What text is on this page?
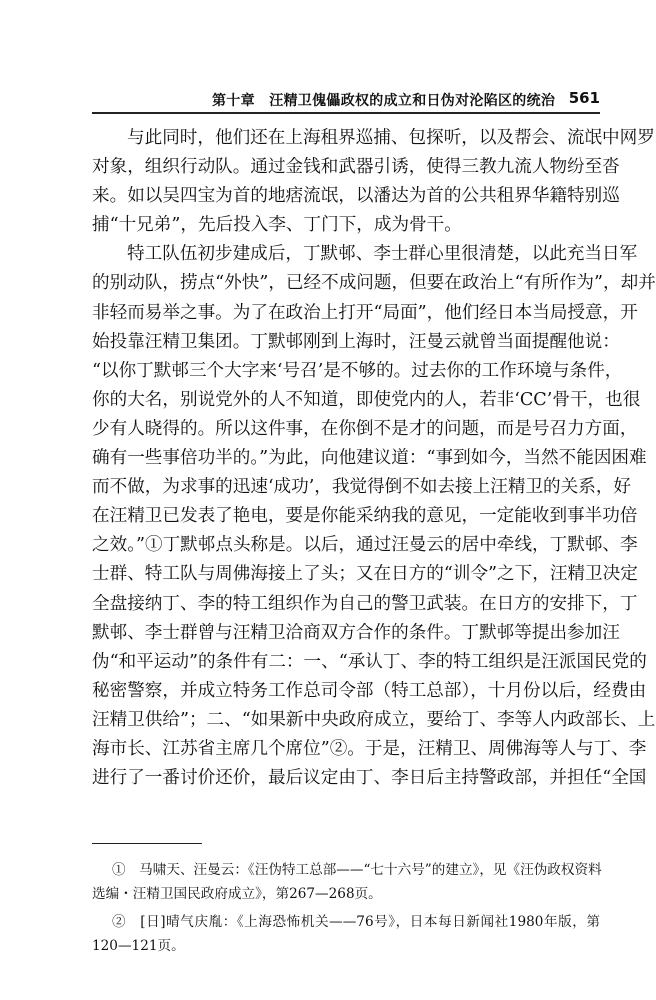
第十章　汪精卫傀儡政权的成立和日伪对沦陷区的统治 561
与此同时，他们还在上海租界巡捕、包探听，以及帮会、流氓中网罗
对象，组织行动队。通过金钱和武器引诱，使得三教九流人物纷至沓
来。如以吴四宝为首的地痞流氓，以潘达为首的公共租界华籍特别巡
捕“十兄弟”，先后投入李、丁门下，成为骨干。
特工队伍初步建成后，丁默邨、李士群心里很清楚，以此充当日军
的别动队，捞点“外快”，已经不成问题，但要在政治上“有所作为”，却并
非轻而易举之事。为了在政治上打开“局面”，他们经日本当局授意，开
始投靠汪精卫集团。丁默邨刚到上海时，汪曼云就曾当面提醒他说：
“以你丁默邨三个大字来‘号召’是不够的。过去你的工作环境与条件，
你的大名，别说党外的人不知道，即使党内的人，若非‘CC’骨干，也很
少有人晓得的。所以这件事，在你倒不是才的问题，而是号召力方面，
确有一些事倍功半的。”为此，向他建议道：“事到如今，当然不能因困难
而不做，为求事的迅速‘成功’，我觉得倒不如去接上汪精卫的关系，好
在汪精卫已发表了艳电，要是你能采纳我的意见，一定能收到事半功倍
之效。”①丁默邨点头称是。以后，通过汪曼云的居中牵线，丁默邨、李
士群、特工队与周佛海接上了头；又在日方的“训令”之下，汪精卫决定
全盘接纳丁、李的特工组织作为自己的警卫武装。在日方的安排下，丁
默邨、李士群曾与汪精卫洽商双方合作的条件。丁默邨等提出参加汪
伪“和平运动”的条件有二：一、“承认丁、李的特工组织是汪派国民党的
秘密警察，并成立特务工作总司令部（特工总部），十月份以后，经费由
汪精卫供给”；二、“如果新中央政府成立，要给丁、李等人内政部长、上
海市长、江苏省主席几个席位”②。于是，汪精卫、周佛海等人与丁、李
进行了一番讨价还价，最后议定由丁、李日后主持警政部，并担任“全国
①　马啸天、汪曼云：《汪伪特工总部——“七十六号”的建立》，见《汪伪政权资料
选编・汪精卫国民政府成立》，第267—268页。
②　[日]晴气庆胤：《上海恐怖机关——76号》，日本每日新闻社1980年版，第
120—121页。
